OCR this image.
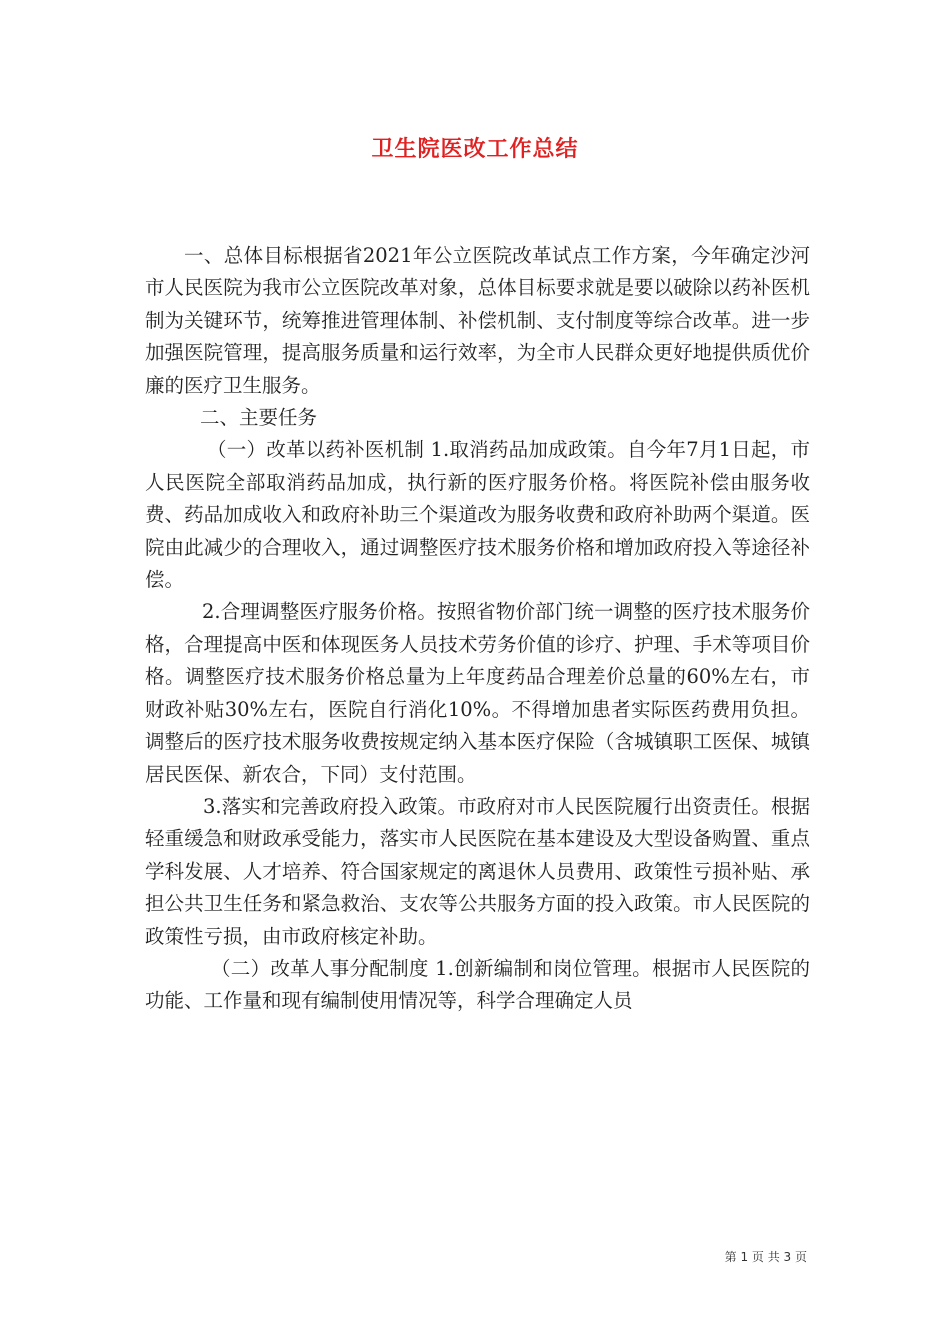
卫生院医改工作总结

一、总体目标根据省2021年公立医院改革试点工作方案，今年确定沙河市人民医院为我市公立医院改革对象，总体目标要求就是要以破除以药补医机制为关键环节，统筹推进管理体制、补偿机制、支付制度等综合改革。进一步加强医院管理，提高服务质量和运行效率，为全市人民群众更好地提供质优价廉的医疗卫生服务。

二、主要任务

（一）改革以药补医机制 1.取消药品加成政策。自今年7月1日起，市人民医院全部取消药品加成，执行新的医疗服务价格。将医院补偿由服务收费、药品加成收入和政府补助三个渠道改为服务收费和政府补助两个渠道。医院由此减少的合理收入，通过调整医疗技术服务价格和增加政府投入等途径补偿。

2.合理调整医疗服务价格。按照省物价部门统一调整的医疗技术服务价格，合理提高中医和体现医务人员技术劳务价值的诊疗、护理、手术等项目价格。调整医疗技术服务价格总量为上年度药品合理差价总量的60%左右，市财政补贴30%左右，医院自行消化10%。不得增加患者实际医药费用负担。调整后的医疗技术服务收费按规定纳入基本医疗保险（含城镇职工医保、城镇居民医保、新农合，下同）支付范围。

3.落实和完善政府投入政策。市政府对市人民医院履行出资责任。根据轻重缓急和财政承受能力，落实市人民医院在基本建设及大型设备购置、重点学科发展、人才培养、符合国家规定的离退休人员费用、政策性亏损补贴、承担公共卫生任务和紧急救治、支农等公共服务方面的投入政策。市人民医院的政策性亏损，由市政府核定补助。

（二）改革人事分配制度 1.创新编制和岗位管理。根据市人民医院的功能、工作量和现有编制使用情况等，科学合理确定人员

第 1 页 共 3 页
